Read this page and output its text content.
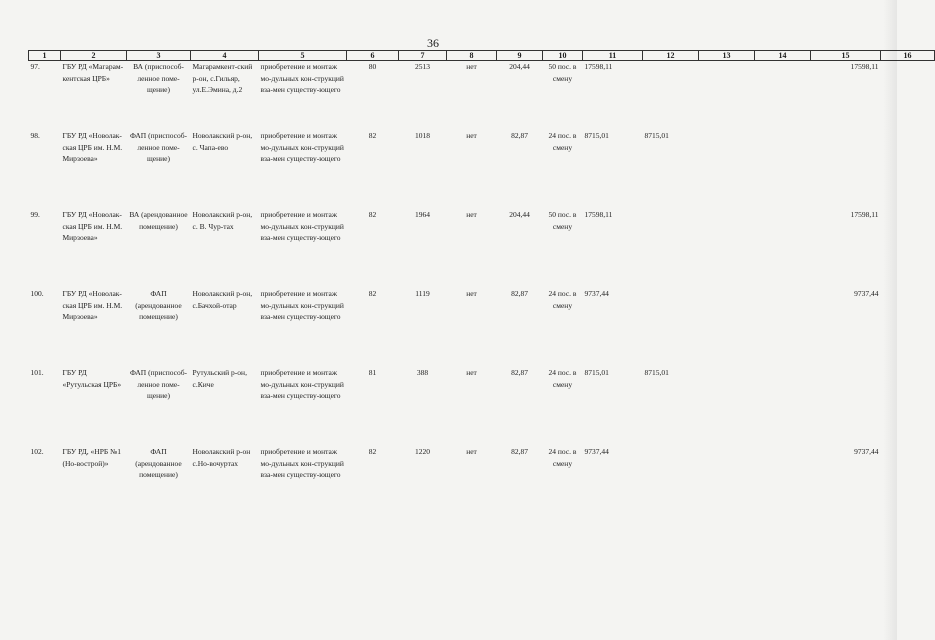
36
1	2	3	4	5	6	7	8	9	10	11	12	13	14	15	16
97.	ГБУ РД «Магарам-кентская ЦРБ»	ВА (приспособ-ленное поме-щение)	Магарамкент-ский р-он, с.Гильяр, ул.Е.Эмина, д.2	приобретение и монтаж мо-дульных кон-струкций вза-мен существу-ющего	80	2513	нет	204,44	50 пос. в смену	17598,11				17598,11	
98.	ГБУ РД «Новолак-ская ЦРБ им. Н.М. Мирзоева»	ФАП (приспособ-ленное поме-щение)	Новолакский р-он, с. Чапа-ево	приобретение и монтаж мо-дульных кон-струкций вза-мен существу-ющего	82	1018	нет	82,87	24 пос. в смену	8715,01	8715,01				
99.	ГБУ РД «Новолак-ская ЦРБ им. Н.М. Мирзоева»	ВА (арендованное помещение)	Новолакский р-он, с. В. Чур-тах	приобретение и монтаж мо-дульных кон-струкций вза-мен существу-ющего	82	1964	нет	204,44	50 пос. в смену	17598,11				17598,11	
100.	ГБУ РД «Новолак-ская ЦРБ им. Н.М. Мирзоева»	ФАП (арендованное помещение)	Новолакский р-он, с.Бачхой-отар	приобретение и монтаж мо-дульных кон-струкций вза-мен существу-ющего	82	1119	нет	82,87	24 пос. в смену	9737,44				9737,44	
101.	ГБУ РД «Рутульская ЦРБ»	ФАП (приспособ-ленное поме-щение)	Рутульский р-он, с.Киче	приобретение и монтаж мо-дульных кон-струкций вза-мен существу-ющего	81	388	нет	82,87	24 пос. в смену	8715,01	8715,01				
102.	ГБУ РД, «НРБ №1 (Но-вострой)»	ФАП (арендованное помещение)	Новолакский р-он с.Но-вочуртах	приобретение и монтаж мо-дульных кон-струкций вза-мен существу-ющего	82	1220	нет	82,87	24 пос. в смену	9737,44				9737,44	
